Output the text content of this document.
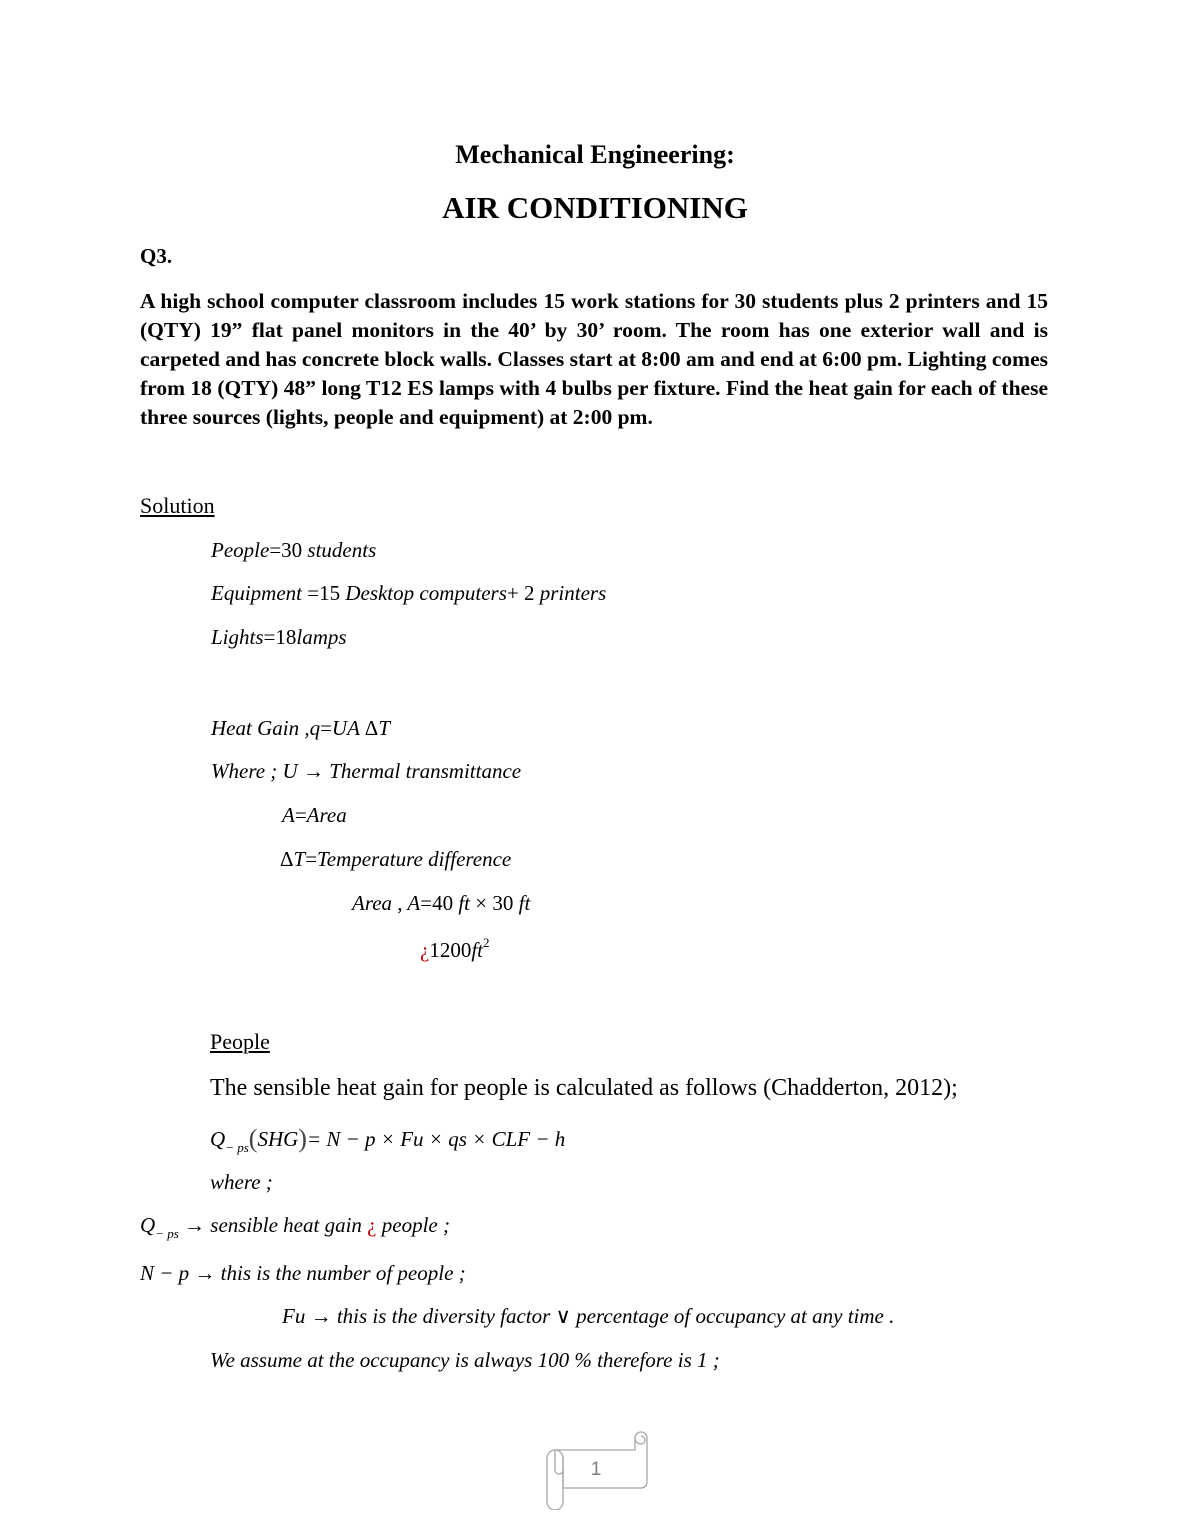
Mechanical Engineering:
AIR CONDITIONING
Q3.
A high school computer classroom includes 15 work stations for 30 students plus 2 printers and 15 (QTY) 19” flat panel monitors in the 40’ by 30’ room. The room has one exterior wall and is carpeted and has concrete block walls. Classes start at 8:00 am and end at 6:00 pm. Lighting comes from 18 (QTY) 48” long T12 ES lamps with 4 bulbs per fixture. Find the heat gain for each of these three sources (lights, people and equipment) at 2:00 pm.
Solution
People=30 students
Equipment =15 Desktop computers+ 2 printers
Lights=18lamps
Heat Gain ,q=UA ΔT
Where ; U → Thermal transmittance
A=Area
ΔT=Temperature difference
Area , A=40 ft × 30 ft
¿$1200ft^2$
People
The sensible heat gain for people is calculated as follows (Chadderton, 2012);
$Q_{- ps}(SHG)= N - p \times Fu$ × qs × CLF − h
where ;
$Q_{- ps}$ → sensible heat gain ¿ people ;
N − p → this is the number of people ;
Fu → this is the diversity factor ∨ percentage of occupancy at any time .
We assume at the occupancy is always 100 % therefore is 1 ;
1
